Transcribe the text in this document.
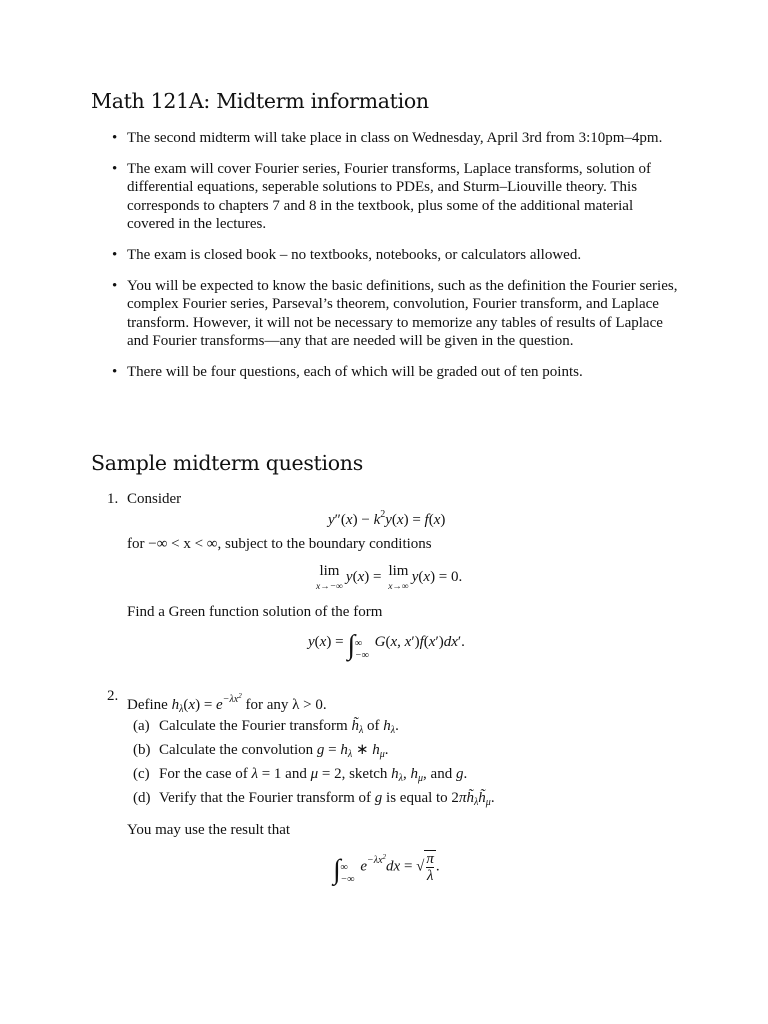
Math 121A: Midterm information
• The second midterm will take place in class on Wednesday, April 3rd from 3:10pm–4pm.
• The exam will cover Fourier series, Fourier transforms, Laplace transforms, solution of differential equations, seperable solutions to PDEs, and Sturm–Liouville theory. This corresponds to chapters 7 and 8 in the textbook, plus some of the additional material covered in the lectures.
• The exam is closed book – no textbooks, notebooks, or calculators allowed.
• You will be expected to know the basic definitions, such as the definition the Fourier series, complex Fourier series, Parseval’s theorem, convolution, Fourier transform, and Laplace transform. However, it will not be necessary to memorize any tables of results of Laplace and Fourier transforms—any that are needed will be given in the question.
• There will be four questions, each of which will be graded out of ten points.
Sample midterm questions
1. Consider
$y''(x) - k^2y(x) = f(x)$
for −∞ < x < ∞, subject to the boundary conditions
lim
x→−∞y(x) = lim
x→∞y(x) = 0.
Find a Green function solution of the form
y(x) = ∫∞
−∞ G(x, x′)f(x′)dx′.
2.
Define $h_\lambda(x) = e^{-\lambda x^2}$ for any λ > 0.
(a) Calculate the Fourier transform $h̃_\lambda$ of $h_\lambda$.
(b) Calculate the convolution $g = h_\lambda$ ∗ $h_\mu$.
(c) For the case of λ = 1 and μ = 2, sketch $h_\lambda$, $h_\mu$, and g.
(d) Verify that the Fourier transform of g is equal to $2\pi h̃_\lambda h̃_\mu$.
You may use the result that
∫∞
−∞ $e^{-\lambda x^2}dx$ = √ $\frac{\pi}{\lambda}$ .
